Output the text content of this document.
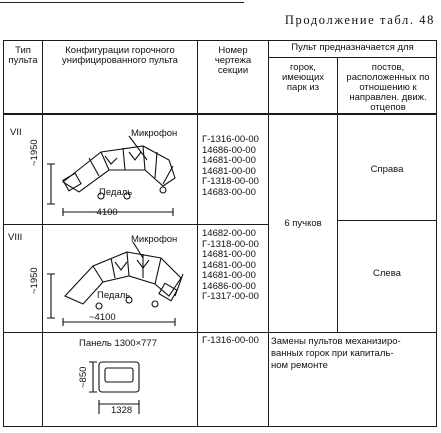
Продолжение табл. 48
Тип пульта
Конфигурации горочного унифицированного пульта
Номер чертежа секции
Пульт предназначается для
горок, имеющих парк из
постов, расположенных по отношению к направлен. движ. отцепов
VII
Г-1316-00-00
14686-00-00
14681-00-00
14681-00-00
Г-1318-00-00
14683-00-00
Справа
Микрофон
Педаль
~1950
~4100
VIII	14682-00-00
Г-1318-00-00
14681-00-00
14681-00-00
14681-00-00
14686-00-00
Г-1317-00-00
Слева
Микрофон
Педаль
~1950
~4100
6 пучков
Панель 1300×777	Г-1316-00-00 Замены пультов механизиро-
ванных горок при капиталь-
ном ремонте
~850
1328
